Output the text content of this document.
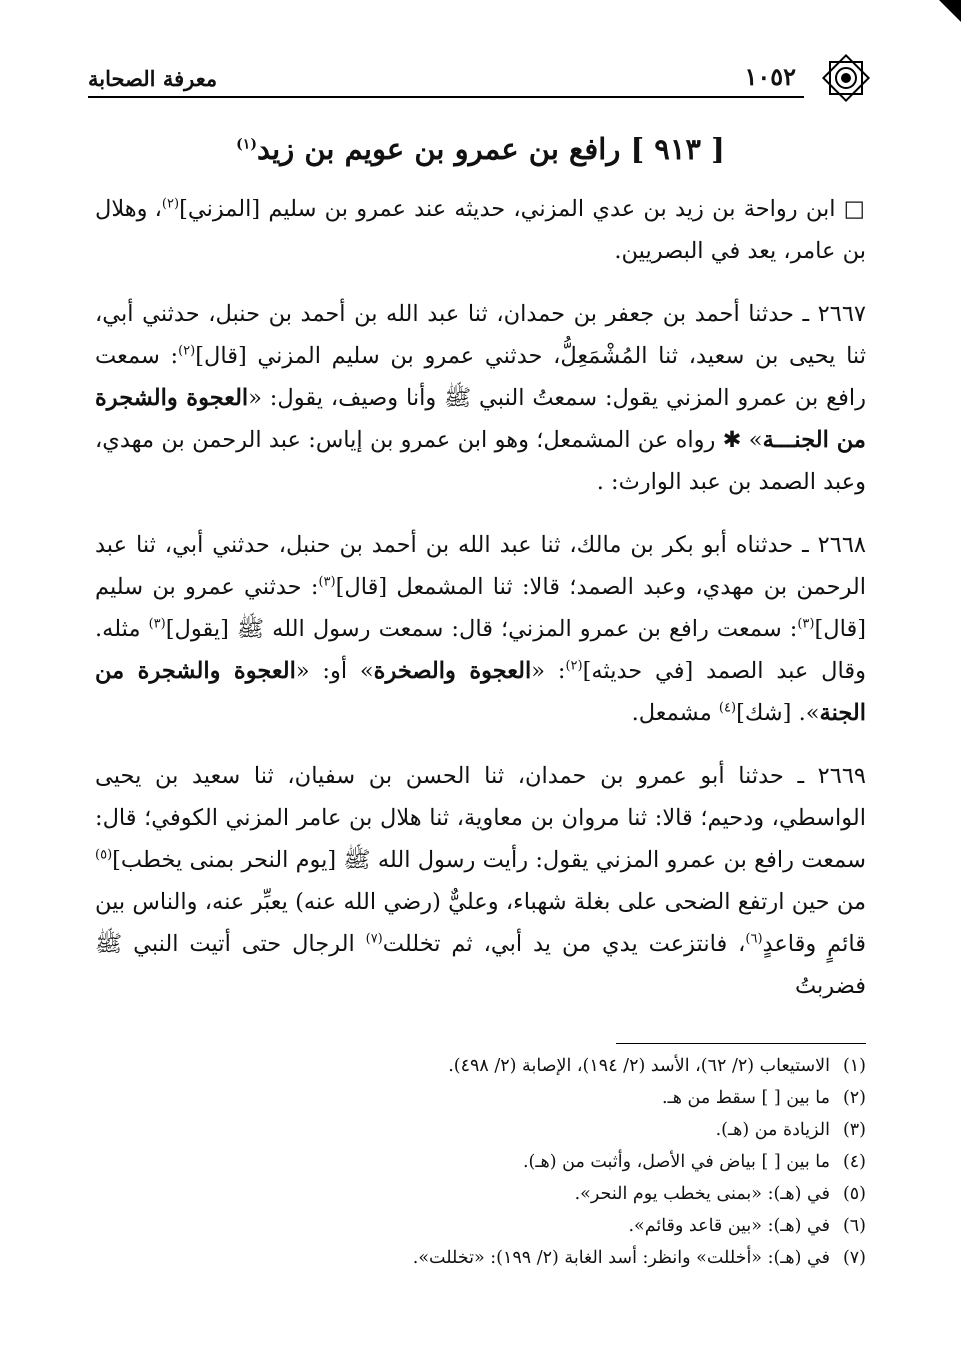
١٠٥٢
معرفة الصحابة
[ ٩١٣ ] رافع بن عمرو بن عويم بن زيد$^{(١)}$

□ ابن رواحة بن زيد بن عدي المزني، حديثه عند عمرو بن سليم [المزني]$^{(٢)}$، وهلال بن عامر، يعد في البصريين.

٢٦٦٧ ـ حدثنا أحمد بن جعفر بن حمدان، ثنا عبد الله بن أحمد بن حنبل، حدثني أبي، ثنا يحيى بن سعيد، ثنا المُشْمَعِلُّ، حدثني عمرو بن سليم المزني [قال]$^{(٢)}$: سمعت رافع بن عمرو المزني يقول: سمعتُ النبي ﷺ وأنا وصيف، يقول: «العجوة والشجرة من الجنـــة» ✱ رواه عن المشمعل؛ وهو ابن عمرو بن إياس: عبد الرحمن بن مهدي، وعبد الصمد بن عبد الوارث: .

٢٦٦٨ ـ حدثناه أبو بكر بن مالك، ثنا عبد الله بن أحمد بن حنبل، حدثني أبي، ثنا عبد الرحمن بن مهدي، وعبد الصمد؛ قالا: ثنا المشمعل [قال]$^{(٣)}$: حدثني عمرو بن سليم [قال]$^{(٣)}$: سمعت رافع بن عمرو المزني؛ قال: سمعت رسول الله ﷺ [يقول]$^{(٣)}$ مثله. وقال عبد الصمد [في حديثه]$^{(٢)}$: «العجوة والصخرة» أو: «العجوة والشجرة من الجنة». [شك]$^{(٤)}$ مشمعل.

٢٦٦٩ ـ حدثنا أبو عمرو بن حمدان، ثنا الحسن بن سفيان، ثنا سعيد بن يحيى الواسطي، ودحيم؛ قالا: ثنا مروان بن معاوية، ثنا هلال بن عامر المزني الكوفي؛ قال: سمعت رافع بن عمرو المزني يقول: رأيت رسول الله ﷺ [يوم النحر بمنى يخطب]$^{(٥)}$ من حين ارتفع الضحى على بغلة شهباء، وعليٌّ (رضي الله عنه) يعبِّر عنه، والناس بين قائمٍ وقاعدٍ$^{(٦)}$، فانتزعت يدي من يد أبي، ثم تخللت$^{(٧)}$ الرجال حتى أتيت النبي ﷺ فضربتُ

(١)الاستيعاب (٢/ ٦٢)، الأسد (٢/ ١٩٤)، الإصابة (٢/ ٤٩٨).
(٢)ما بين [ ] سقط من هـ.
(٣)الزيادة من (هـ).
(٤)ما بين [ ] بياض في الأصل، وأثبت من (هـ).
(٥)في (هـ): «بمنى يخطب يوم النحر».
(٦)في (هـ): «بين قاعد وقائم».
(٧)في (هـ): «أخللت» وانظر: أسد الغابة (٢/ ١٩٩): «تخللت».
